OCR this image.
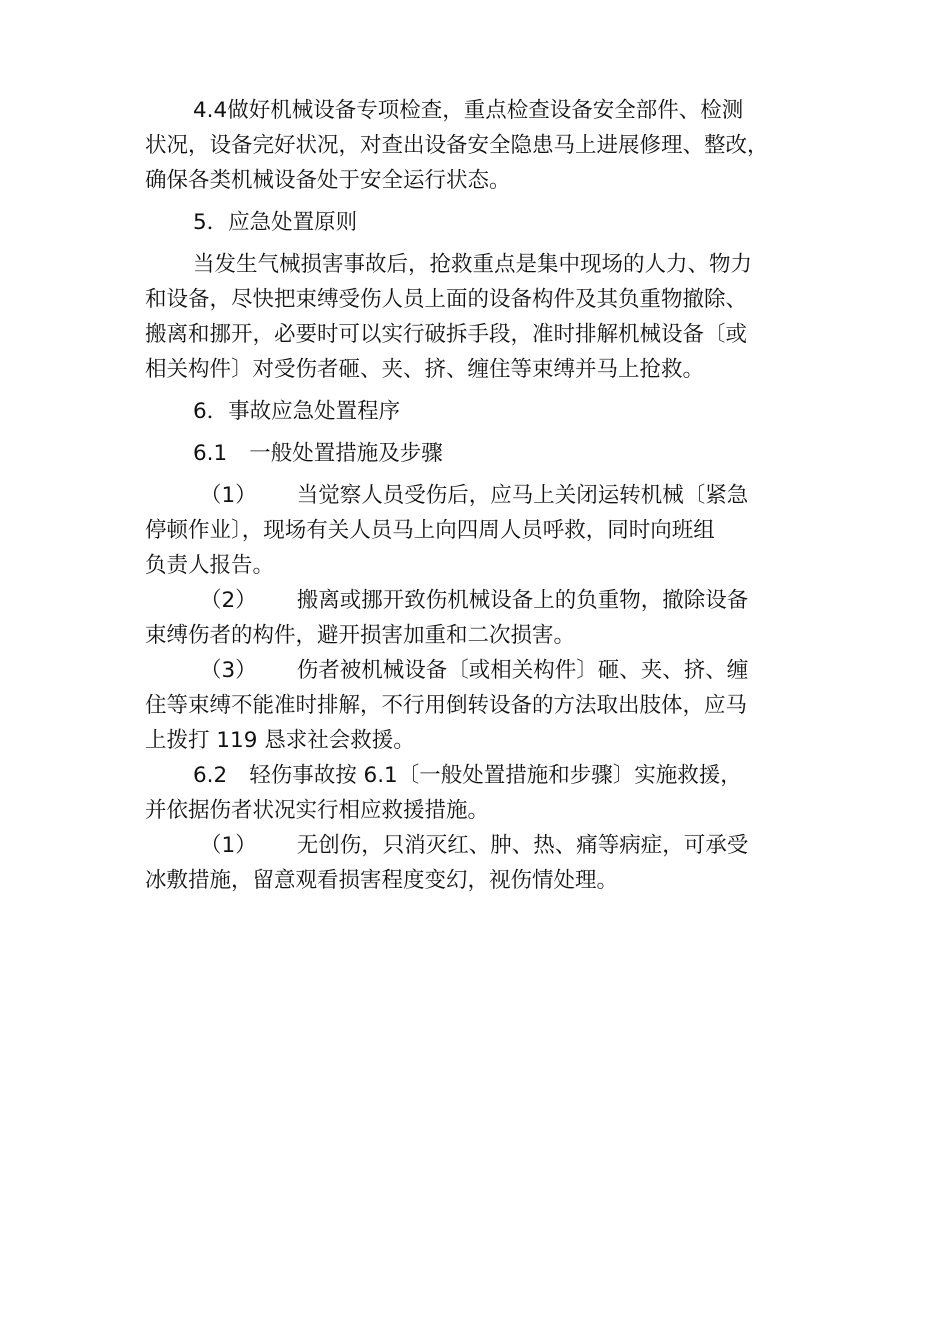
4.4做好机械设备专项检查，重点检查设备安全部件、检测
状况，设备完好状况，对查出设备安全隐患马上进展修理、整改，
确保各类机械设备处于安全运行状态。
5．应急处置原则
当发生气械损害事故后，抢救重点是集中现场的人力、物力
和设备，尽快把束缚受伤人员上面的设备构件及其负重物撤除、
搬离和挪开，必要时可以实行破拆手段，准时排解机械设备〔或
相关构件〕对受伤者砸、夹、挤、缠住等束缚并马上抢救。
6．事故应急处置程序
6.1 一般处置措施及步骤
（1） 当觉察人员受伤后，应马上关闭运转机械〔紧急
停顿作业〕，现场有关人员马上向四周人员呼救，同时向班组
负责人报告。
（2） 搬离或挪开致伤机械设备上的负重物，撤除设备
束缚伤者的构件，避开损害加重和二次损害。
（3） 伤者被机械设备〔或相关构件〕砸、夹、挤、缠
住等束缚不能准时排解，不行用倒转设备的方法取出肢体，应马
上拨打 119 恳求社会救援。
6.2 轻伤事故按 6.1〔一般处置措施和步骤〕实施救援，
并依据伤者状况实行相应救援措施。
（1） 无创伤，只消灭红、肿、热、痛等病症，可承受
冰敷措施，留意观看损害程度变幻，视伤情处理。
